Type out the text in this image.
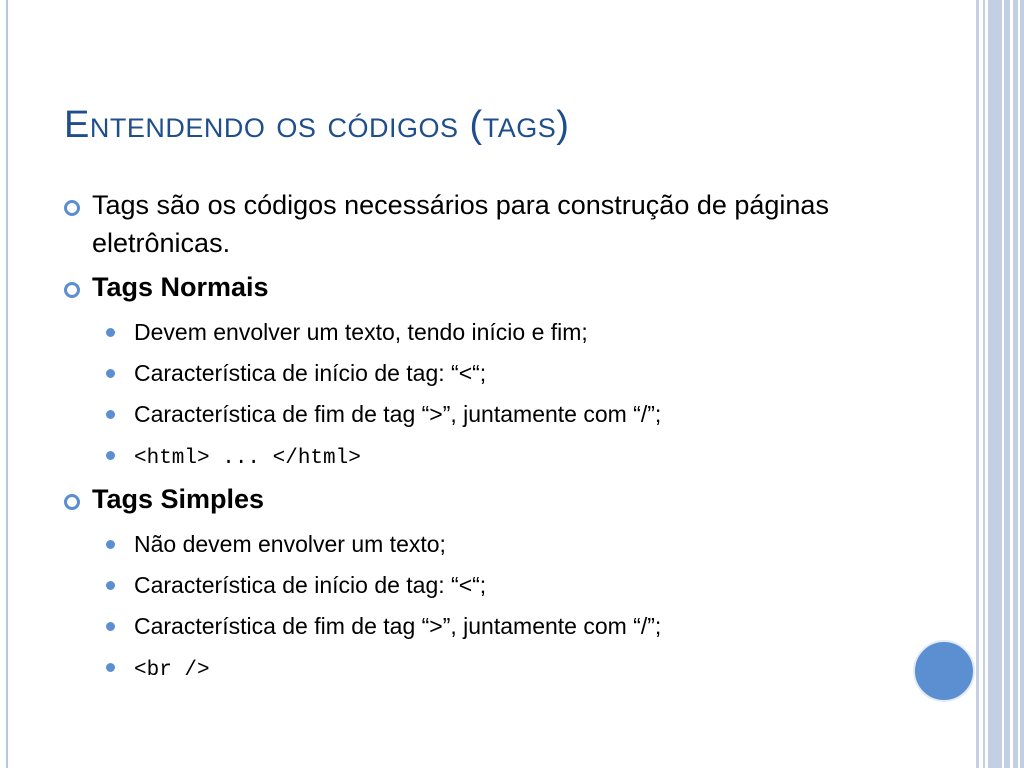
Entendendo os códigos (tags)
Tags são os códigos necessários para construção de páginas eletrônicas.
Tags Normais
Devem envolver um texto, tendo início e fim;
Característica de início de tag: “<“;
Característica de fim de tag “>”, juntamente com “/”;
<html> ... </html>
Tags Simples
Não devem envolver um texto;
Característica de início de tag: “<“;
Característica de fim de tag “>”, juntamente com “/”;
<br />
